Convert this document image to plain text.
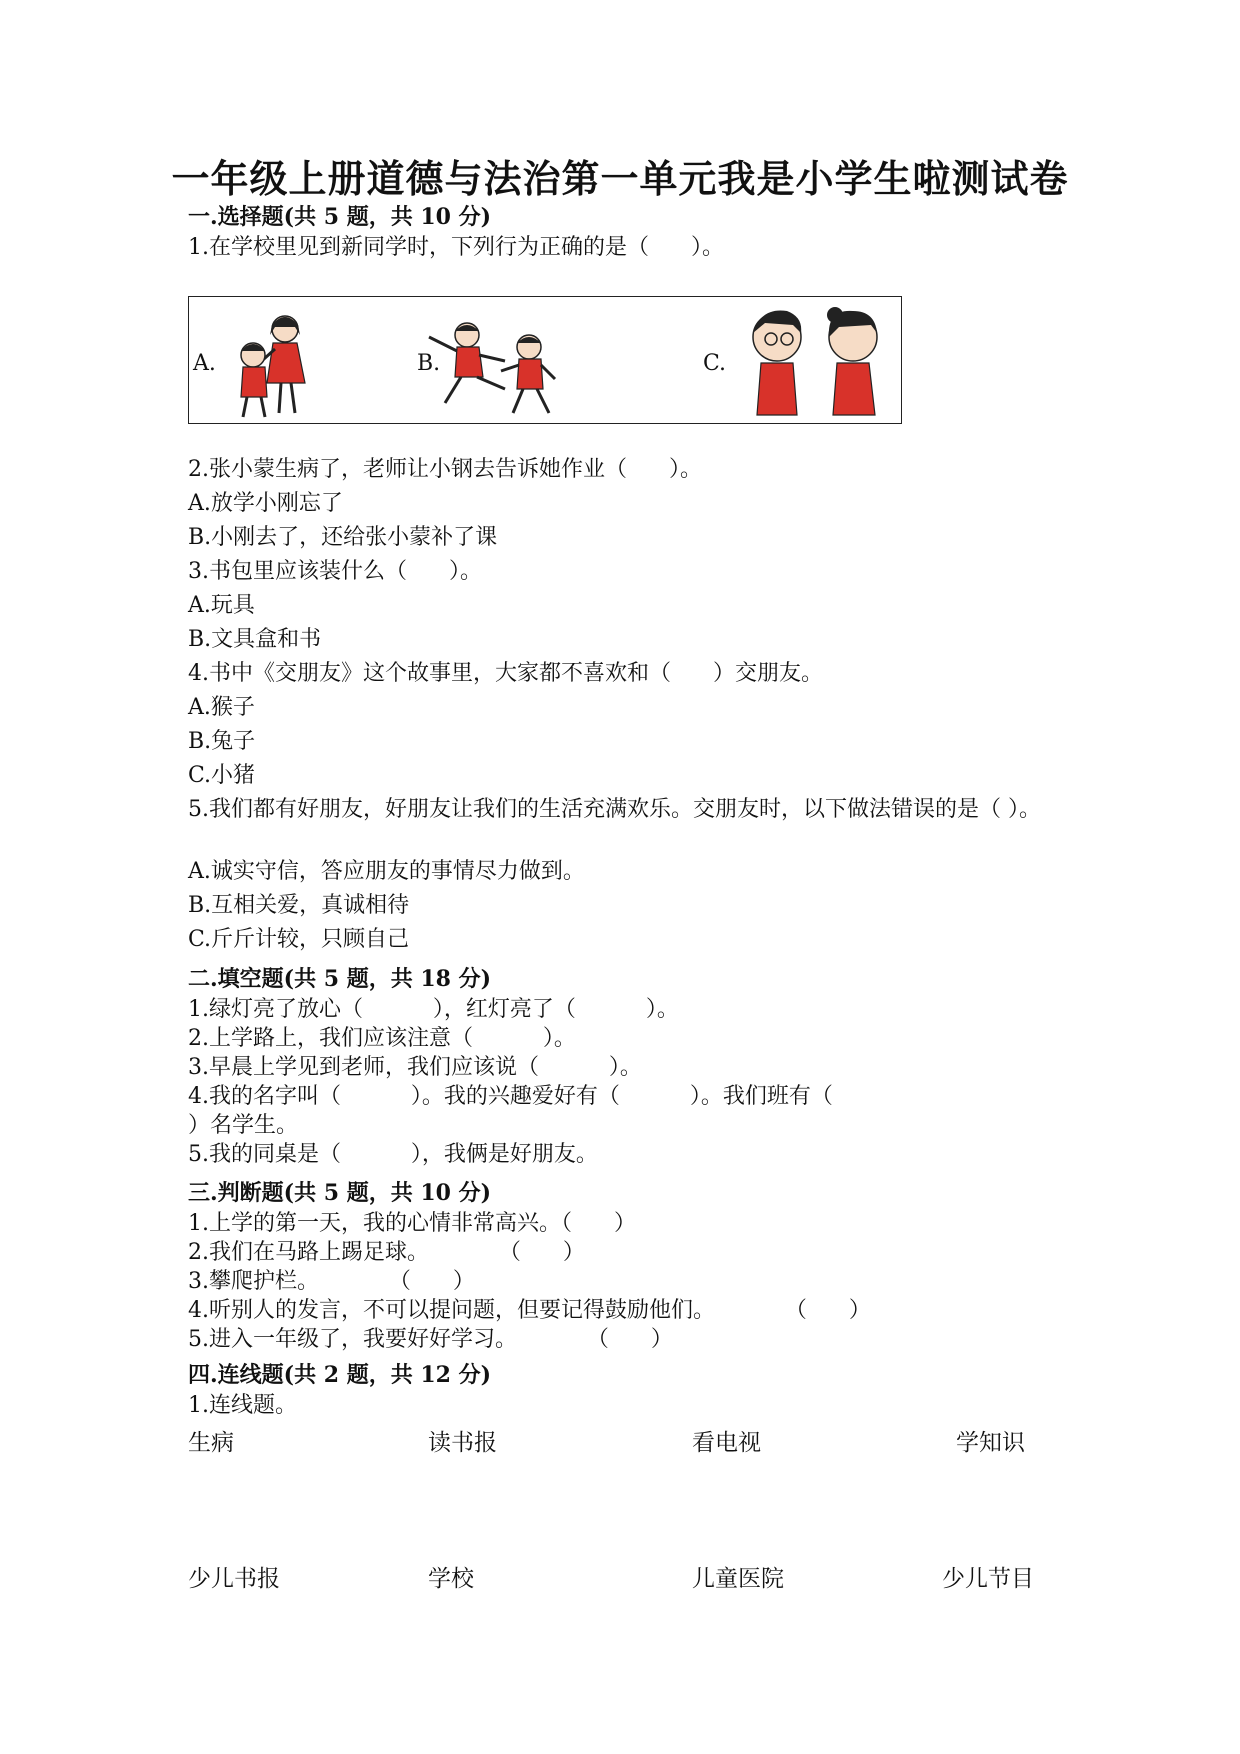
一年级上册道德与法治第一单元我是小学生啦测试卷
一.选择题(共 5 题，共 10 分)
1.在学校里见到新同学时，下列行为正确的是（      ）。
A.	B.	C.
2.张小蒙生病了，老师让小钢去告诉她作业（      ）。
A.放学小刚忘了
B.小刚去了，还给张小蒙补了课
3.书包里应该装什么（      ）。
A.玩具
B.文具盒和书
4.书中《交朋友》这个故事里，大家都不喜欢和（      ）交朋友。
A.猴子
B.兔子
C.小猪
5.我们都有好朋友，好朋友让我们的生活充满欢乐。交朋友时，以下做法错误的是（ ）。
A.诚实守信，答应朋友的事情尽力做到。
B.互相关爱，真诚相待
C.斤斤计较，只顾自己
二.填空题(共 5 题，共 18 分)
1.绿灯亮了放心（          ），红灯亮了（          ）。
2.上学路上，我们应该注意（          ）。
3.早晨上学见到老师，我们应该说（          ）。
4.我的名字叫（          ）。我的兴趣爱好有（          ）。我们班有（
）名学生。
5.我的同桌是（          ），我俩是好朋友。
三.判断题(共 5 题，共 10 分)
1.上学的第一天，我的心情非常高兴。（      ）
2.我们在马路上踢足球。          （      ）
3.攀爬护栏。          （      ）
4.听别人的发言，不可以提问题，但要记得鼓励他们。          （      ）
5.进入一年级了，我要好好学习。          （      ）
四.连线题(共 2 题，共 12 分)
1.连线题。
生病	读书报	看电视	学知识
少儿书报	学校	儿童医院	少儿节目
